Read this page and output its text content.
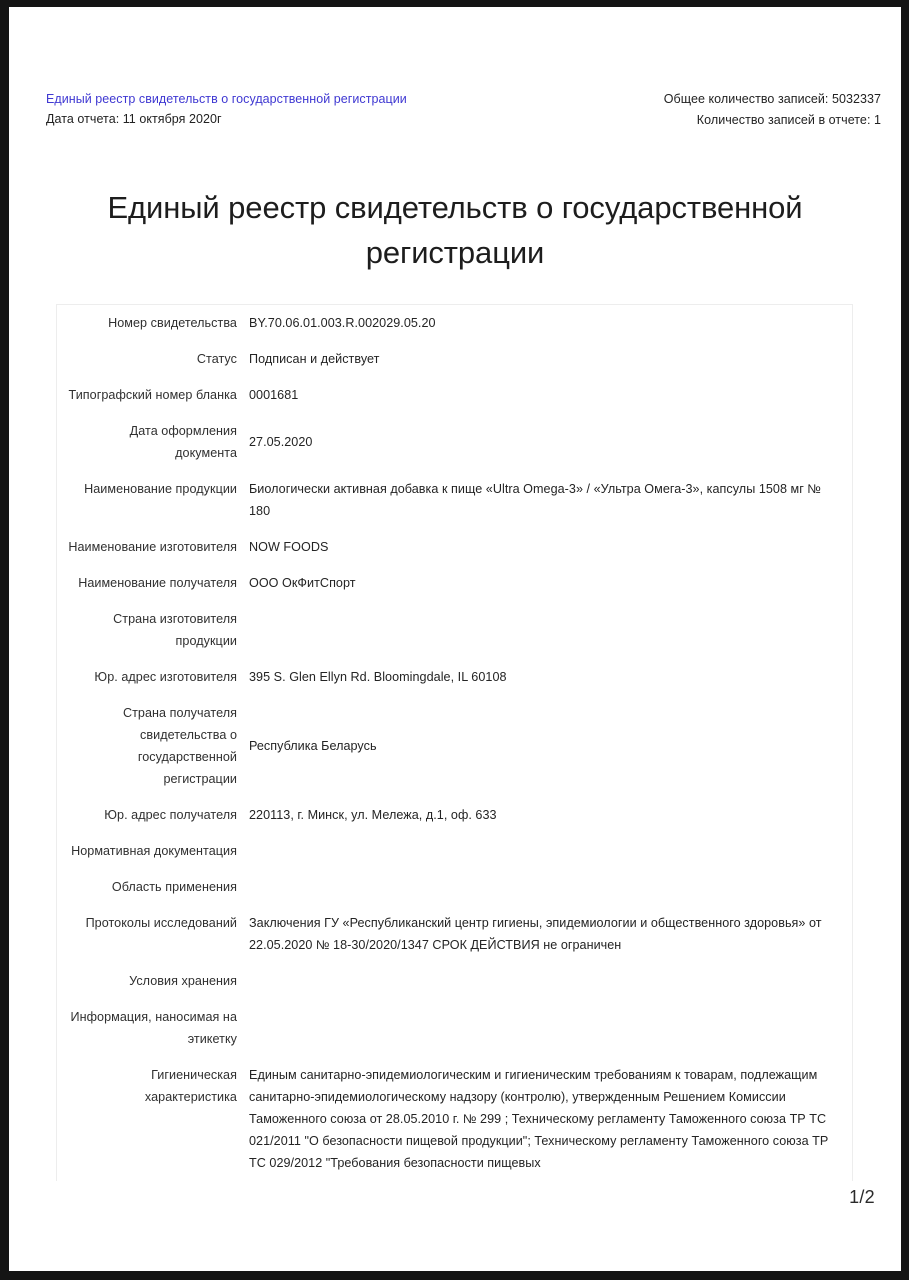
Единый реестр свидетельств о государственной регистрации
Дата отчета: 11 октября 2020г
Общее количество записей: 5032337
Количество записей в отчете: 1
Единый реестр свидетельств о государственной регистрации
Номер свидетельства BY.70.06.01.003.R.002029.05.20
Статус Подписан и действует
Типографский номер бланка 0001681
Дата оформления документа
27.05.2020
Наименование продукции Биологически активная добавка к пище «Ultra Omega-3» / «Ультра Омега-3», капсулы 1508 мг № 180
Наименование изготовителя NOW FOODS
Наименование получателя ООО ОкФитСпорт
Страна изготовителя продукции
Юр. адрес изготовителя 395 S. Glen Ellyn Rd. Bloomingdale, IL 60108
Страна получателя свидетельства о государственной регистрации
Республика Беларусь
Юр. адрес получателя 220113, г. Минск, ул. Мележа, д.1, оф. 633
Нормативная документация
Область применения
Протоколы исследований Заключения ГУ «Республиканский центр гигиены, эпидемиологии и общественного здоровья» от 22.05.2020 № 18-30/2020/1347 СРОК ДЕЙСТВИЯ не ограничен
Условия хранения
Информация, наносимая на этикетку
Гигиеническая характеристика
Единым санитарно-эпидемиологическим и гигиеническим требованиям к товарам, подлежащим санитарно-эпидемиологическому надзору (контролю), утвержденным Решением Комиссии Таможенного союза от 28.05.2010 г. № 299 ; Техническому регламенту Таможенного союза ТР ТС 021/2011 "О безопасности пищевой продукции"; Техническому регламенту Таможенного союза ТР ТС 029/2012 "Требования безопасности пищевых
1/2
